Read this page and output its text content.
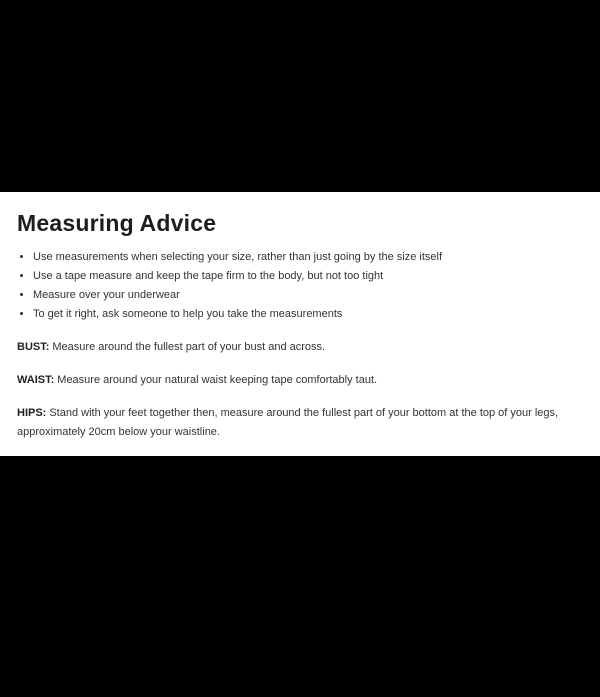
Measuring Advice
• Use measurements when selecting your size, rather than just going by the size itself
• Use a tape measure and keep the tape firm to the body, but not too tight
• Measure over your underwear
• To get it right, ask someone to help you take the measurements

BUST: Measure around the fullest part of your bust and across.

WAIST: Measure around your natural waist keeping tape comfortably taut.

HIPS: Stand with your feet together then, measure around the fullest part of your bottom at the top of your legs, approximately 20cm below your waistline.
